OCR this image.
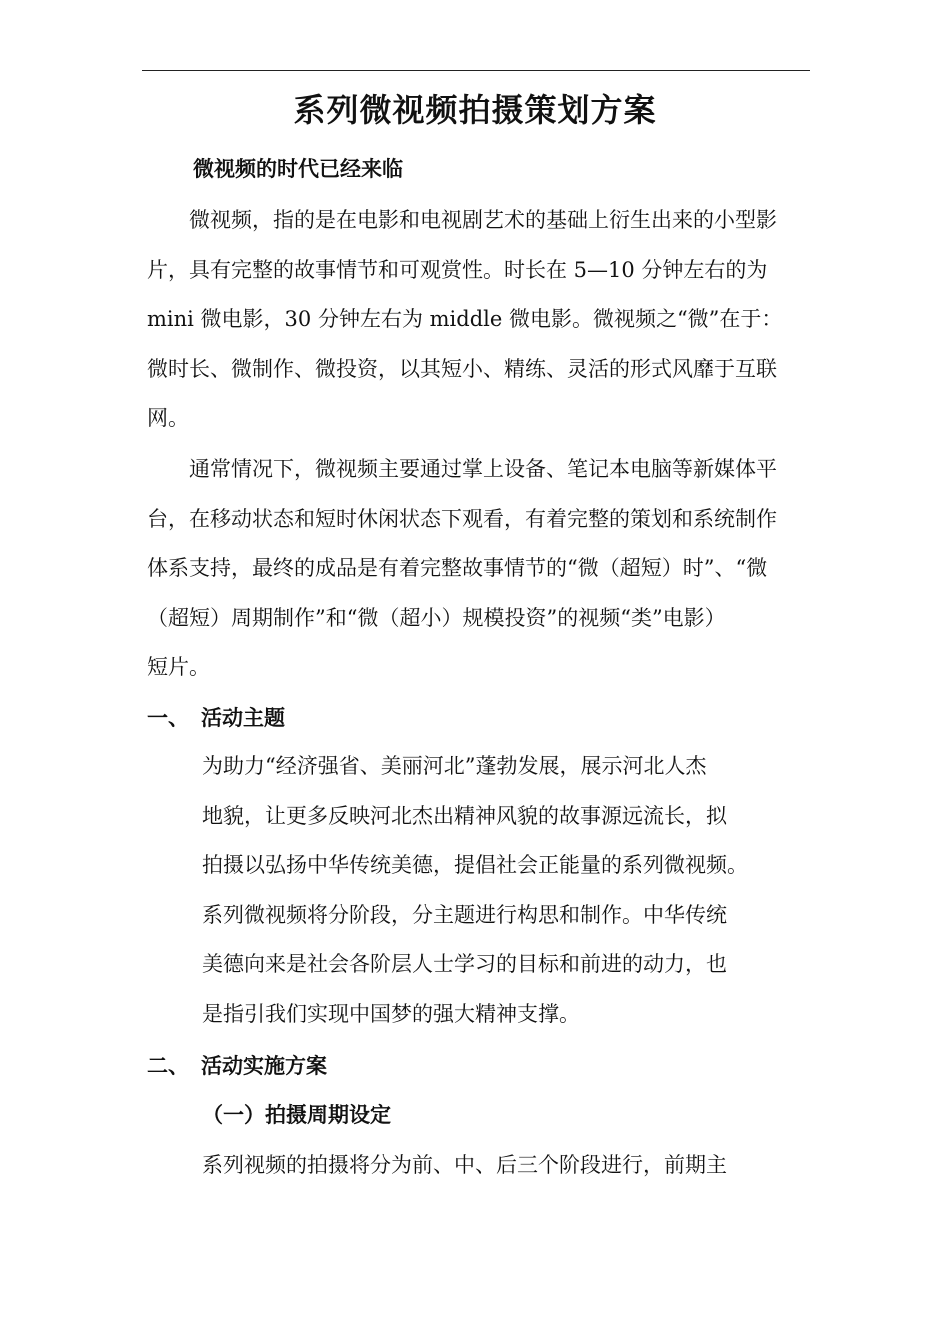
系列微视频拍摄策划方案
微视频的时代已经来临
微视频，指的是在电影和电视剧艺术的基础上衍生出来的小型影
片，具有完整的故事情节和可观赏性。时长在 5—10 分钟左右的为
mini 微电影，30 分钟左右为 middle 微电影。微视频之“微”在于：
微时长、微制作、微投资，以其短小、精练、灵活的形式风靡于互联
网。
通常情况下，微视频主要通过掌上设备、笔记本电脑等新媒体平
台，在移动状态和短时休闲状态下观看，有着完整的策划和系统制作
体系支持，最终的成品是有着完整故事情节的“微（超短）时”、“微
（超短）周期制作”和“微（超小）规模投资”的视频“类”电影）
短片。
一、 活动主题
为助力“经济强省、美丽河北”蓬勃发展，展示河北人杰
地貌，让更多反映河北杰出精神风貌的故事源远流长，拟
拍摄以弘扬中华传统美德，提倡社会正能量的系列微视频。
系列微视频将分阶段，分主题进行构思和制作。中华传统
美德向来是社会各阶层人士学习的目标和前进的动力，也
是指引我们实现中国梦的强大精神支撑。
二、 活动实施方案
（一）拍摄周期设定
系列视频的拍摄将分为前、中、后三个阶段进行，前期主
